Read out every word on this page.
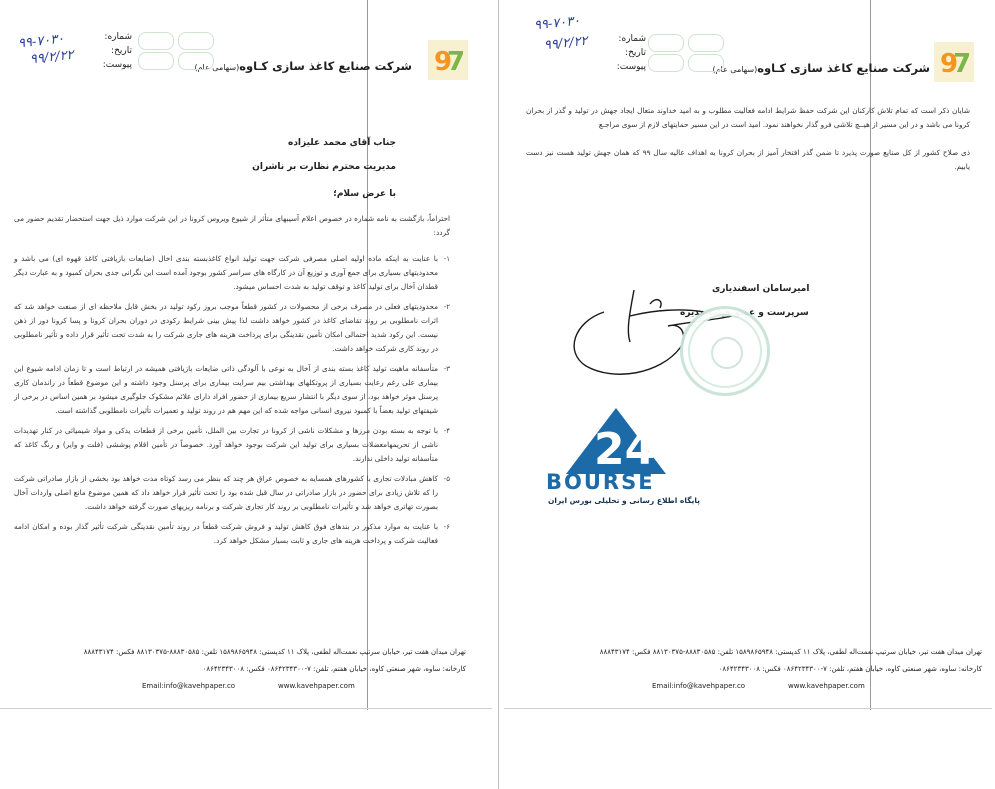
9
7
شرکت صنایع کاغذ سازی کـاوه(سهامی عام)
شماره:
تاریخ:
پیوست:
۹۹-۷۰۳۰
۹۹/۲/۲۲
جناب آقای محمد علیزاده
مدیریت محترم نظارت بر ناشران
با عرض سلام؛

احتراماً، بازگشت به نامه شماره در خصوص اعلام آسیبهای متأثر از شیوع ویروس کرونا در این شرکت موارد ذیل جهت استحضار تقدیم حضور می گردد:

۱-

با عنایت به اینکه ماده اولیه اصلی مصرفی شرکت جهت تولید انواع کاغذبسته بندی اخال (ضایعات بازیافتی کاغذ قهوه ای) می باشد و محدودیتهای بسیاری برای جمع آوری و توزیع آن در کارگاه های سراسر کشور بوجود آمده است این نگرانی جدی بحران کمبود و به عبارت دیگر قطدان آخال برای تولید کاغذ و توقف تولید به شدت احساس میشود.

۲-

محدودیتهای فعلی در مصرف برخی از محصولات در کشور قطعاً موجب بروز رکود تولید در بخش قابل ملاحظه ای از صنعت خواهد شد که اثرات نامطلوبی بر روند تقاضای کاغذ در کشور خواهد داشت لذا پیش بینی شرایط رکودی در دوران بحران کرونا و پسا کرونا دور از ذهن نیست. این رکود شدید احتمالی امکان تأمین نقدینگی برای پرداخت هزینه های جاری شرکت را به شدت تحت تأثیر قرار داده و تأثیر نامطلوبی در روند کاری شرکت خواهد داشت.

۳-

متأسفانه ماهیت تولید کاغذ بسته بندی از آخال به نوعی با آلودگی ذاتی ضایعات بازیافتی همیشه در ارتباط است و تا زمان ادامه شیوع این بیماری علی رغم رعایت بسیاری از پروتکلهای بهداشتی بیم سرایت بیماری برای پرسنل وجود داشته و این موضوع قطعاً در راندمان کاری پرسنل موثر خواهد بود، از سوی دیگر با انتشار سریع بیماری از حضور افراد دارای علائم مشکوک جلوگیری میشود بر همین اساس در برخی از شیفتهای تولید بعضاً با کمبود نیروی انسانی مواجه شده که این مهم هم در روند تولید و تعمیرات تأثیرات نامطلوبی گذاشته است.

۴-

با توجه به بسته بودن مرزها و مشکلات ناشی از کرونا در تجارت بین الملل، تأمین برخی از قطعات یدکی و مواد شیمیائی در کنار تهدیدات ناشی از تحریمهامعضلات بسیاری برای تولید این شرکت بوجود خواهد آورد. خصوصاً در تأمین اقلام پوششی (فلت و وایر) و رنگ کاغذ که متأسفانه تولید داخلی ندارند.

۵-

کاهش مبادلات تجاری با کشورهای همسایه به خصوص عراق هر چند که بنظر می رسد کوتاه مدت خواهد بود بخشی از بازار صادراتی شرکت را که تلاش زیادی برای حضور در بازار صادراتی در سال قبل شده بود را تحت تأثیر قرار خواهد داد که همین موضوع مانع اصلی واردات آخال بصورت تهاتری خواهد شد و تأثیرات نامطلوبی بر روند کار تجاری شرکت و برنامه ریزیهای صورت گرفته خواهد داشت.

۶-

با عنایت به موارد مذکور در بندهای فوق کاهش تولید و فروش شرکت قطعاً در روند تأمین نقدینگی شرکت تأثیر گذار بوده و امکان ادامه فعالیت شرکت و پرداخت هزینه های جاری و ثابت بسیار مشکل خواهد کرد.

تهران میدان هفت تیر، خیابان سرتیپ نعمت‌اله لطفی، پلاک ۱۱ کدپستی: ۱۵۸۹۸۶۵۹۴۸ تلفن: ۸۸۸۳۰۵۸۵-۸۸۱۳۰۳۷۵ فکس: ۸۸۸۴۳۱۷۴
کارخانه: ساوه، شهر صنعتی کاوه، خیابان هفتم، تلفن: ۷-۰۸۶۴۲۳۴۳۰۰ فکس: ۰۸۶۴۲۳۴۳۰۰۸
Email:info@kavehpaper.co	www.kavehpaper.com
9
7
شرکت صنایع کاغذ سازی کـاوه(سهامی عام)
شماره:
تاریخ:
پیوست:
۹۹-۷۰۳۰
۹۹/۲/۲۲

شایان ذکر است که تمام تلاش کارکنان این شرکت حفظ شرایط ادامه فعالیت مطلوب و به امید خداوند متعال ایجاد جهش در تولید و گذر از بحران کرونا می باشد و در این مسیر از هیــچ تلاشی فرو گذار نخواهند نمود. امید است در این مسیر حمایتهای لازم از سوی مراجـع

ذی صلاح کشور از کل صنایع صورت پذیرد تا ضمن گذر افتخار آمیز از بحران کرونا به اهداف عالیه سال ۹۹ که همان جهش تولید هست نیز دست یابیم.

امیرسامان اسفندیاری
سرپرست و عضو هیئت مدیره
24
BOURSE
پایگاه اطلاع رسانی و تحلیلی بورس ایران
تهران میدان هفت تیر، خیابان سرتیپ نعمت‌اله لطفی، پلاک ۱۱ کدپستی: ۱۵۸۹۸۶۵۹۴۸ تلفن: ۸۸۸۳۰۵۸۵-۸۸۱۳۰۳۷۵ فکس: ۸۸۸۴۳۱۷۴
کارخانه: ساوه، شهر صنعتی کاوه، خیابان هفتم، تلفن: ۷-۰۸۶۴۲۳۴۳۰۰ فکس: ۰۸۶۴۲۳۴۳۰۰۸
Email:info@kavehpaper.co	www.kavehpaper.com
